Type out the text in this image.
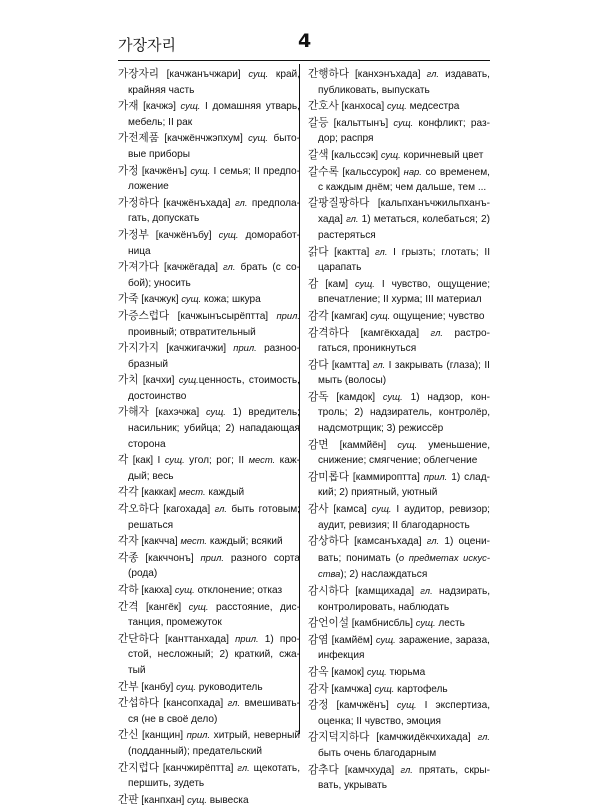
가장자리	4

가장자리 [качжанъчжари] сущ. край, крайняя часть

가재 [качжэ] сущ. I домашняя утварь, мебель; II рак

가전제품 [качжёнчжэпхум] сущ. бытовые приборы

가정 [качжёнъ] сущ. I семья; II предположение

가정하다 [качжёнъхада] гл. предполагать, допускать

가정부 [качжёнъбу] сущ. домоработница

가져가다 [качжёгада] гл. брать (с собой); уносить

가죽 [качжук] сущ. кожа; шкура

가증스럽다 [качжынъсырёптта] прил. проивный; отвратительный

가지가지 [качжигачжи] прил. разнообразный

가치 [качхи] сущ.ценность, стоимость, достоинство

가해자 [кахэчжа] сущ. 1) вредитель; насильник; убийца; 2) нападающая сторона

각 [как] I сущ. угол; рог; II мест. каждый; весь

각각 [каккак] мест. каждый

각오하다 [кагохада] гл. быть готовым; решаться

각자 [какчча] мест. каждый; всякий

각종 [какччонъ] прил. разного сорта (рода)

각하 [какха] сущ. отклонение; отказ

간격 [кангёк] сущ. расстояние, дистанция, промежуток

간단하다 [канттанхада] прил. 1) простой, несложный; 2) краткий, сжатый

간부 [канбу] сущ. руководитель

간섭하다 [кансопхада] гл. вмешиваться (не в своё дело)

간신 [канщин] прил. хитрый, неверный (подданный); предательский

간지럽다 [канчжирёптта] гл. щекотать, першить, зудеть

간판 [канпхан] сущ. вывеска

간행하다 [канхэнъхада] гл. издавать, публиковать, выпускать

간호사 [канхоса] сущ. медсестра

갈등 [кальттынъ] сущ. конфликт; раздор; распря

갈색 [кальссэк] сущ. коричневый цвет

갈수록 [кальссурок] нар. со временем, с каждым днём; чем дальше, тем ...

갈팡질팡하다 [кальпханъчжильпханъхада] гл. 1) метаться, колебаться; 2) растеряться

갉다 [кактта] гл. I грызть; глотать; II царапать

감 [кам] сущ. I чувство, ощущение; впечатление; II хурма; III материал

감각 [камгак] сущ. ощущение; чувство

감격하다 [камгёкхада] гл. растрогаться, проникнуться

감다 [камтта] гл. I закрывать (глаза); II мыть (волосы)

감독 [камдок] сущ. 1) надзор, контроль; 2) надзиратель, контролёр, надсмотрщик; 3) режиссёр

감면 [каммйён] сущ. уменьшение, снижение; смягчение; облегчение

감미롭다 [каммироптта] прил. 1) сладкий; 2) приятный, уютный

감사 [камса] сущ. I аудитор, ревизор; аудит, ревизия; II благодарность

감상하다 [камсанъхада] гл. 1) оценивать; понимать (о предметах искусства); 2) наслаждаться

감시하다 [камщихада] гл. надзирать, контролировать, наблюдать

감언이설 [камбнисбль] сущ. лесть

감염 [камйём] сущ. заражение, зараза, инфекция

감옥 [камок] сущ. тюрьма

감자 [камчжа] сущ. картофель

감정 [камчжёнъ] сущ. I экспертиза, оценка; II чувство, эмоция

감지덕지하다 [камчжидёкчхихада] гл. быть очень благодарным

감추다 [камчхуда] гл. прятать, скрывать, укрывать
